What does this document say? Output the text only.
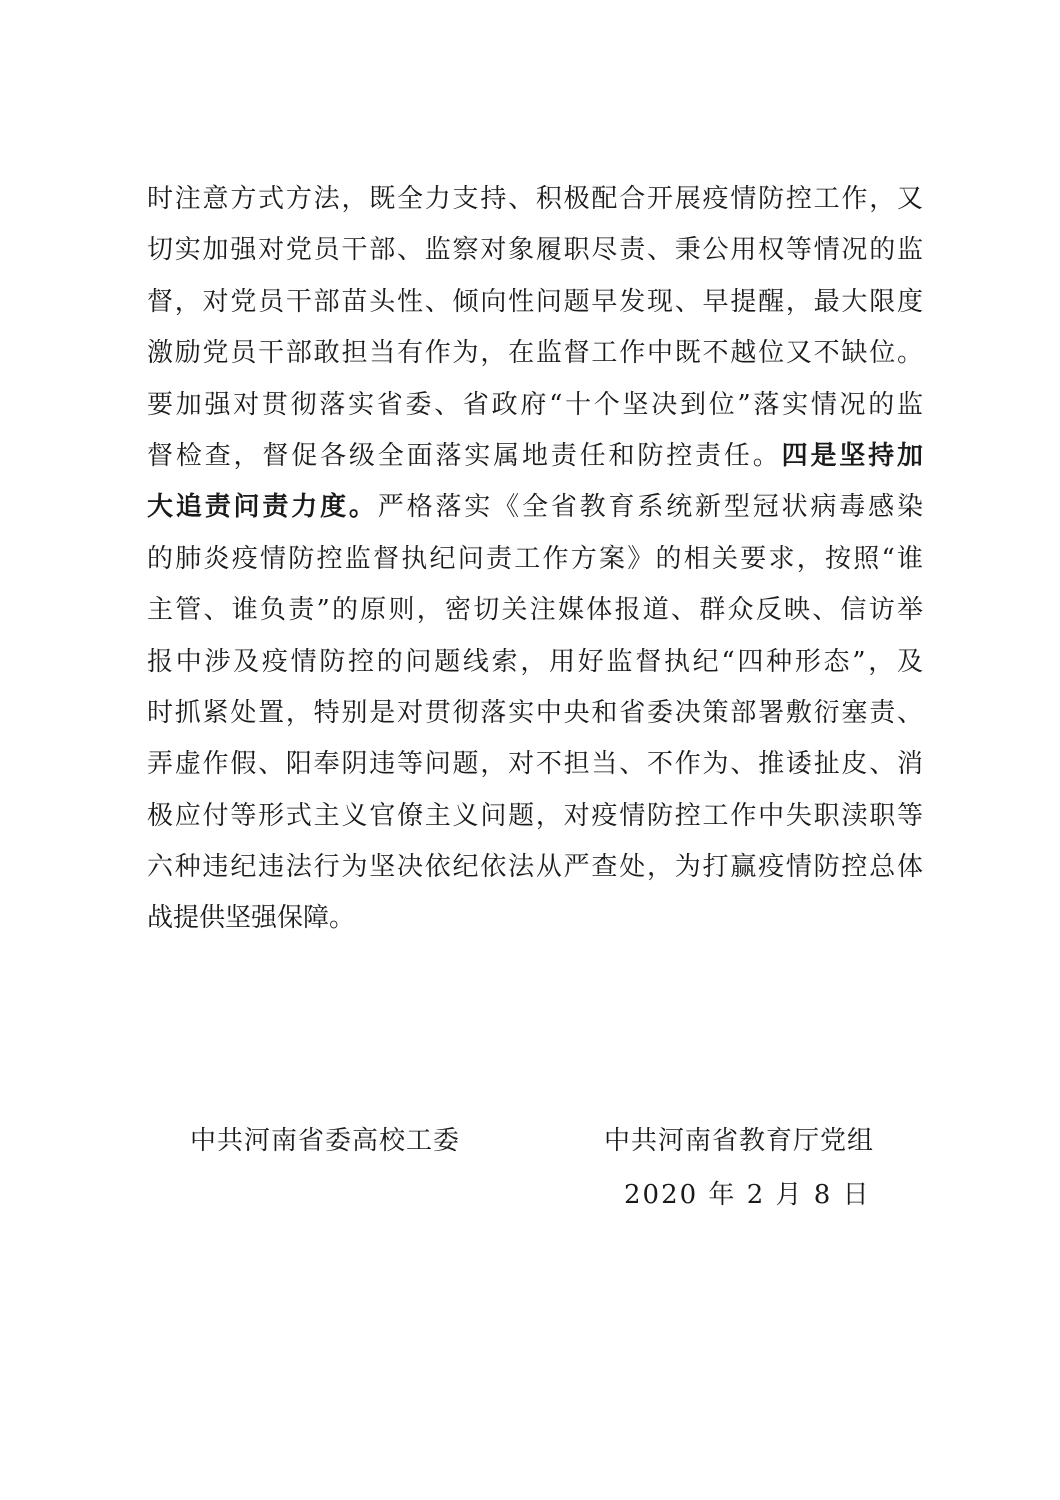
时注意方式方法，既全力支持、积极配合开展疫情防控工作，又
切实加强对党员干部、监察对象履职尽责、秉公用权等情况的监
督，对党员干部苗头性、倾向性问题早发现、早提醒，最大限度
激励党员干部敢担当有作为，在监督工作中既不越位又不缺位。
要加强对贯彻落实省委、省政府“十个坚决到位”落实情况的监
督检查，督促各级全面落实属地责任和防控责任。四是坚持加
大追责问责力度。严格落实《全省教育系统新型冠状病毒感染
的肺炎疫情防控监督执纪问责工作方案》的相关要求，按照“谁
主管、谁负责”的原则，密切关注媒体报道、群众反映、信访举
报中涉及疫情防控的问题线索，用好监督执纪“四种形态”，及
时抓紧处置，特别是对贯彻落实中央和省委决策部署敷衍塞责、
弄虚作假、阳奉阴违等问题，对不担当、不作为、推诿扯皮、消
极应付等形式主义官僚主义问题，对疫情防控工作中失职渎职等
六种违纪违法行为坚决依纪依法从严查处，为打赢疫情防控总体
战提供坚强保障。
中共河南省委高校工委	中共河南省教育厅党组
2020 年 2 月 8 日
